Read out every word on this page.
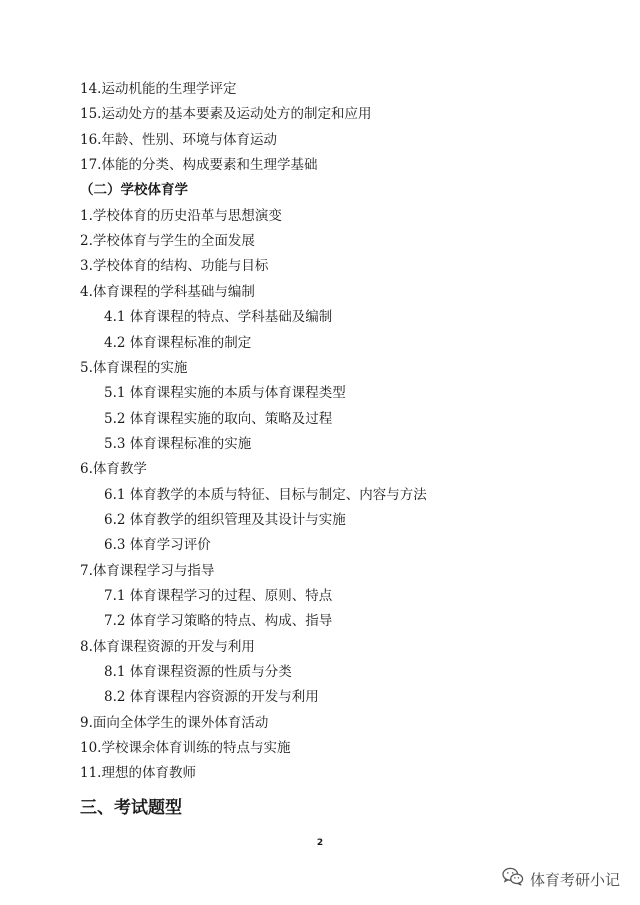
14.运动机能的生理学评定
15.运动处方的基本要素及运动处方的制定和应用
16.年龄、性别、环境与体育运动
17.体能的分类、构成要素和生理学基础
（二）学校体育学
1.学校体育的历史沿革与思想演变
2.学校体育与学生的全面发展
3.学校体育的结构、功能与目标
4.体育课程的学科基础与编制
4.1 体育课程的特点、学科基础及编制
4.2 体育课程标准的制定
5.体育课程的实施
5.1 体育课程实施的本质与体育课程类型
5.2 体育课程实施的取向、策略及过程
5.3 体育课程标准的实施
6.体育教学
6.1 体育教学的本质与特征、目标与制定、内容与方法
6.2 体育教学的组织管理及其设计与实施
6.3 体育学习评价
7.体育课程学习与指导
7.1 体育课程学习的过程、原则、特点
7.2 体育学习策略的特点、构成、指导
8.体育课程资源的开发与利用
8.1 体育课程资源的性质与分类
8.2 体育课程内容资源的开发与利用
9.面向全体学生的课外体育活动
10.学校课余体育训练的特点与实施
11.理想的体育教师
三、考试题型
2
体育考研小记
